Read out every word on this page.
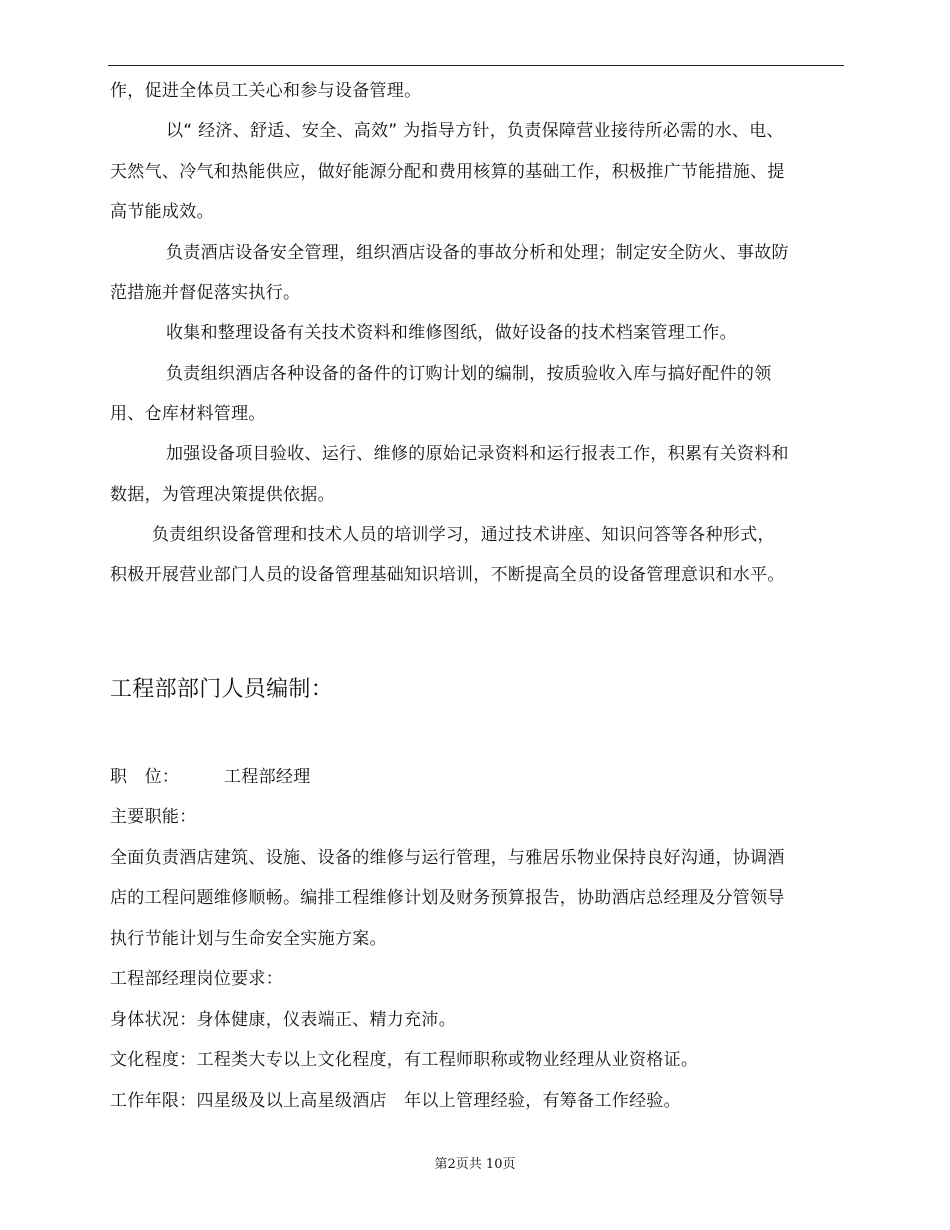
作，促进全体员工关心和参与设备管理。
以“ 经济、舒适、安全、高效” 为指导方针，负责保障营业接待所必需的水、电、
天然气、冷气和热能供应，做好能源分配和费用核算的基础工作，积极推广节能措施、提
高节能成效。
负责酒店设备安全管理，组织酒店设备的事故分析和处理；制定安全防火、事故防
范措施并督促落实执行。
收集和整理设备有关技术资料和维修图纸，做好设备的技术档案管理工作。
负责组织酒店各种设备的备件的订购计划的编制，按质验收入库与搞好配件的领
用、仓库材料管理。
加强设备项目验收、运行、维修的原始记录资料和运行报表工作，积累有关资料和
数据，为管理决策提供依据。
负责组织设备管理和技术人员的培训学习，通过技术讲座、知识问答等各种形式，
积极开展营业部门人员的设备管理基础知识培训，不断提高全员的设备管理意识和水平。
工程部部门人员编制：
职　位：	工程部经理
主要职能：
全面负责酒店建筑、设施、设备的维修与运行管理，与雅居乐物业保持良好沟通，协调酒
店的工程问题维修顺畅。编排工程维修计划及财务预算报告，协助酒店总经理及分管领导
执行节能计划与生命安全实施方案。
工程部经理岗位要求：
身体状况：身体健康，仪表端正、精力充沛。
文化程度：工程类大专以上文化程度，有工程师职称或物业经理从业资格证。
工作年限：四星级及以上高星级酒店　年以上管理经验，有筹备工作经验。
第2页共 10页
